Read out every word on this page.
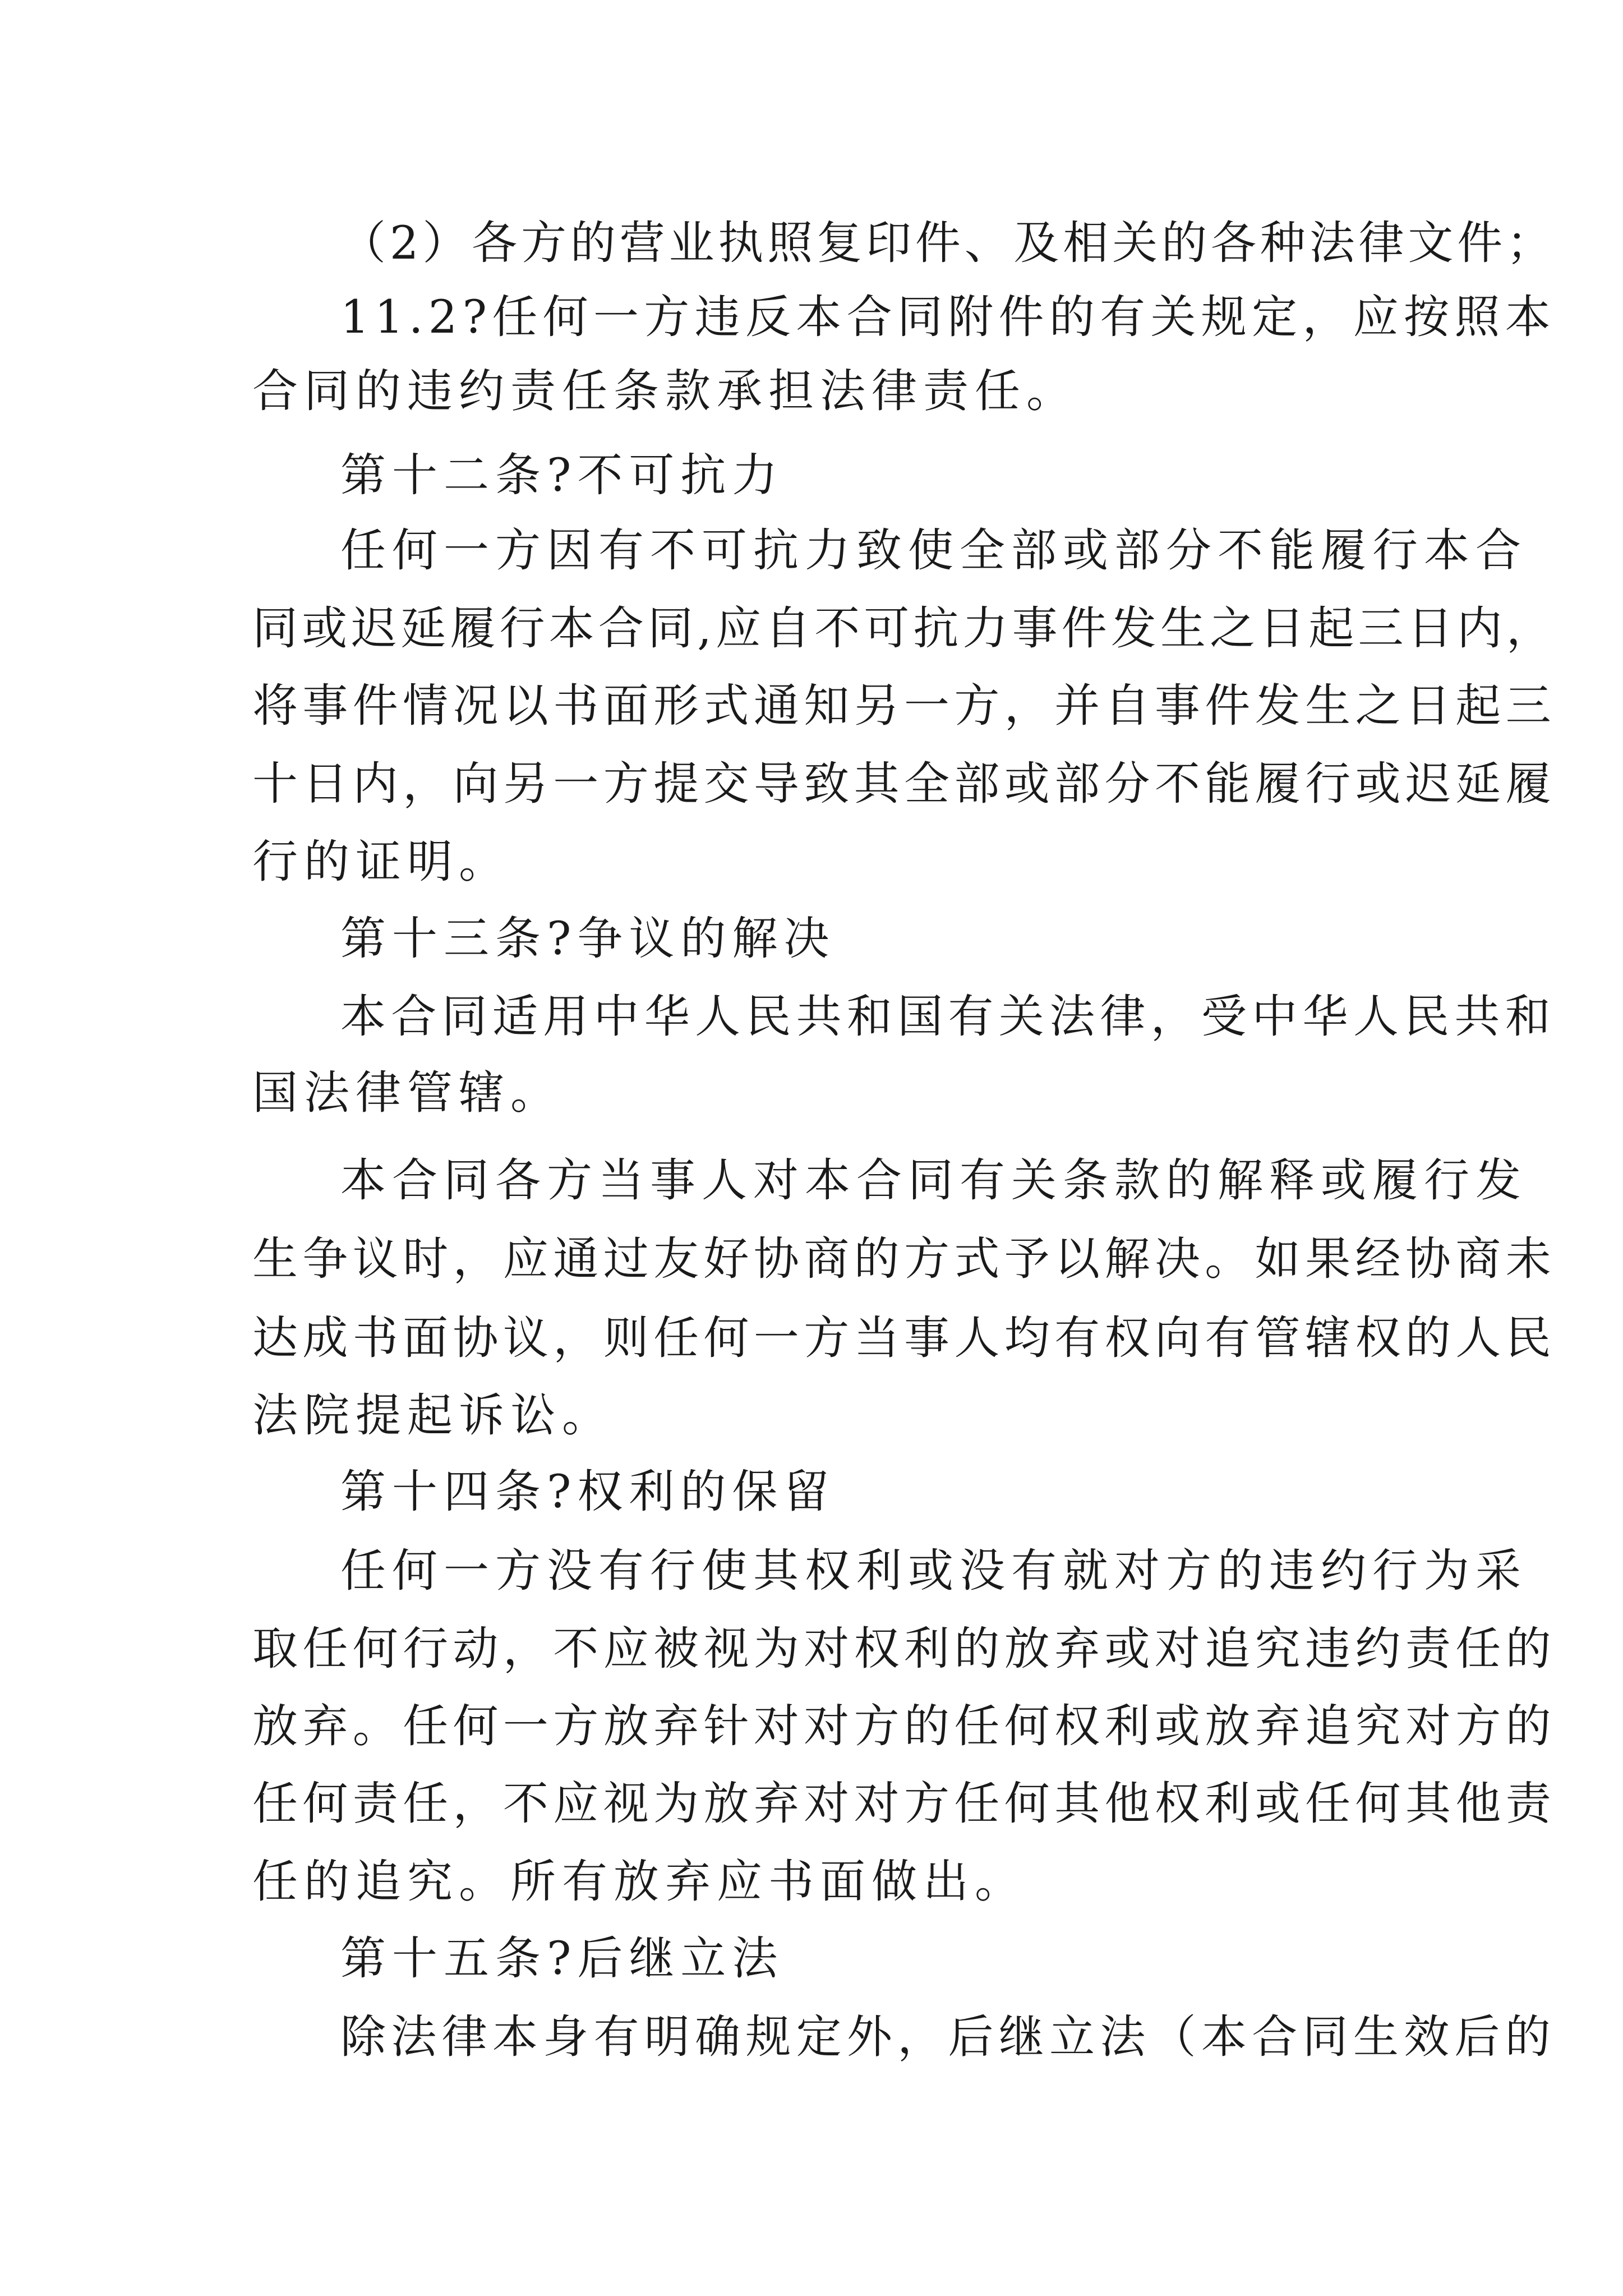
（2）各方的营业执照复印件、及相关的各种法律文件；
11.2?任何一方违反本合同附件的有关规定，应按照本
合同的违约责任条款承担法律责任。
第十二条?不可抗力
任何一方因有不可抗力致使全部或部分不能履行本合
同或迟延履行本合同,应自不可抗力事件发生之日起三日内，
将事件情况以书面形式通知另一方，并自事件发生之日起三
十日内，向另一方提交导致其全部或部分不能履行或迟延履
行的证明。
第十三条?争议的解决
本合同适用中华人民共和国有关法律，受中华人民共和
国法律管辖。
本合同各方当事人对本合同有关条款的解释或履行发
生争议时，应通过友好协商的方式予以解决。如果经协商未
达成书面协议，则任何一方当事人均有权向有管辖权的人民
法院提起诉讼。
第十四条?权利的保留
任何一方没有行使其权利或没有就对方的违约行为采
取任何行动，不应被视为对权利的放弃或对追究违约责任的
放弃。任何一方放弃针对对方的任何权利或放弃追究对方的
任何责任，不应视为放弃对对方任何其他权利或任何其他责
任的追究。所有放弃应书面做出。
第十五条?后继立法
除法律本身有明确规定外，后继立法（本合同生效后的
